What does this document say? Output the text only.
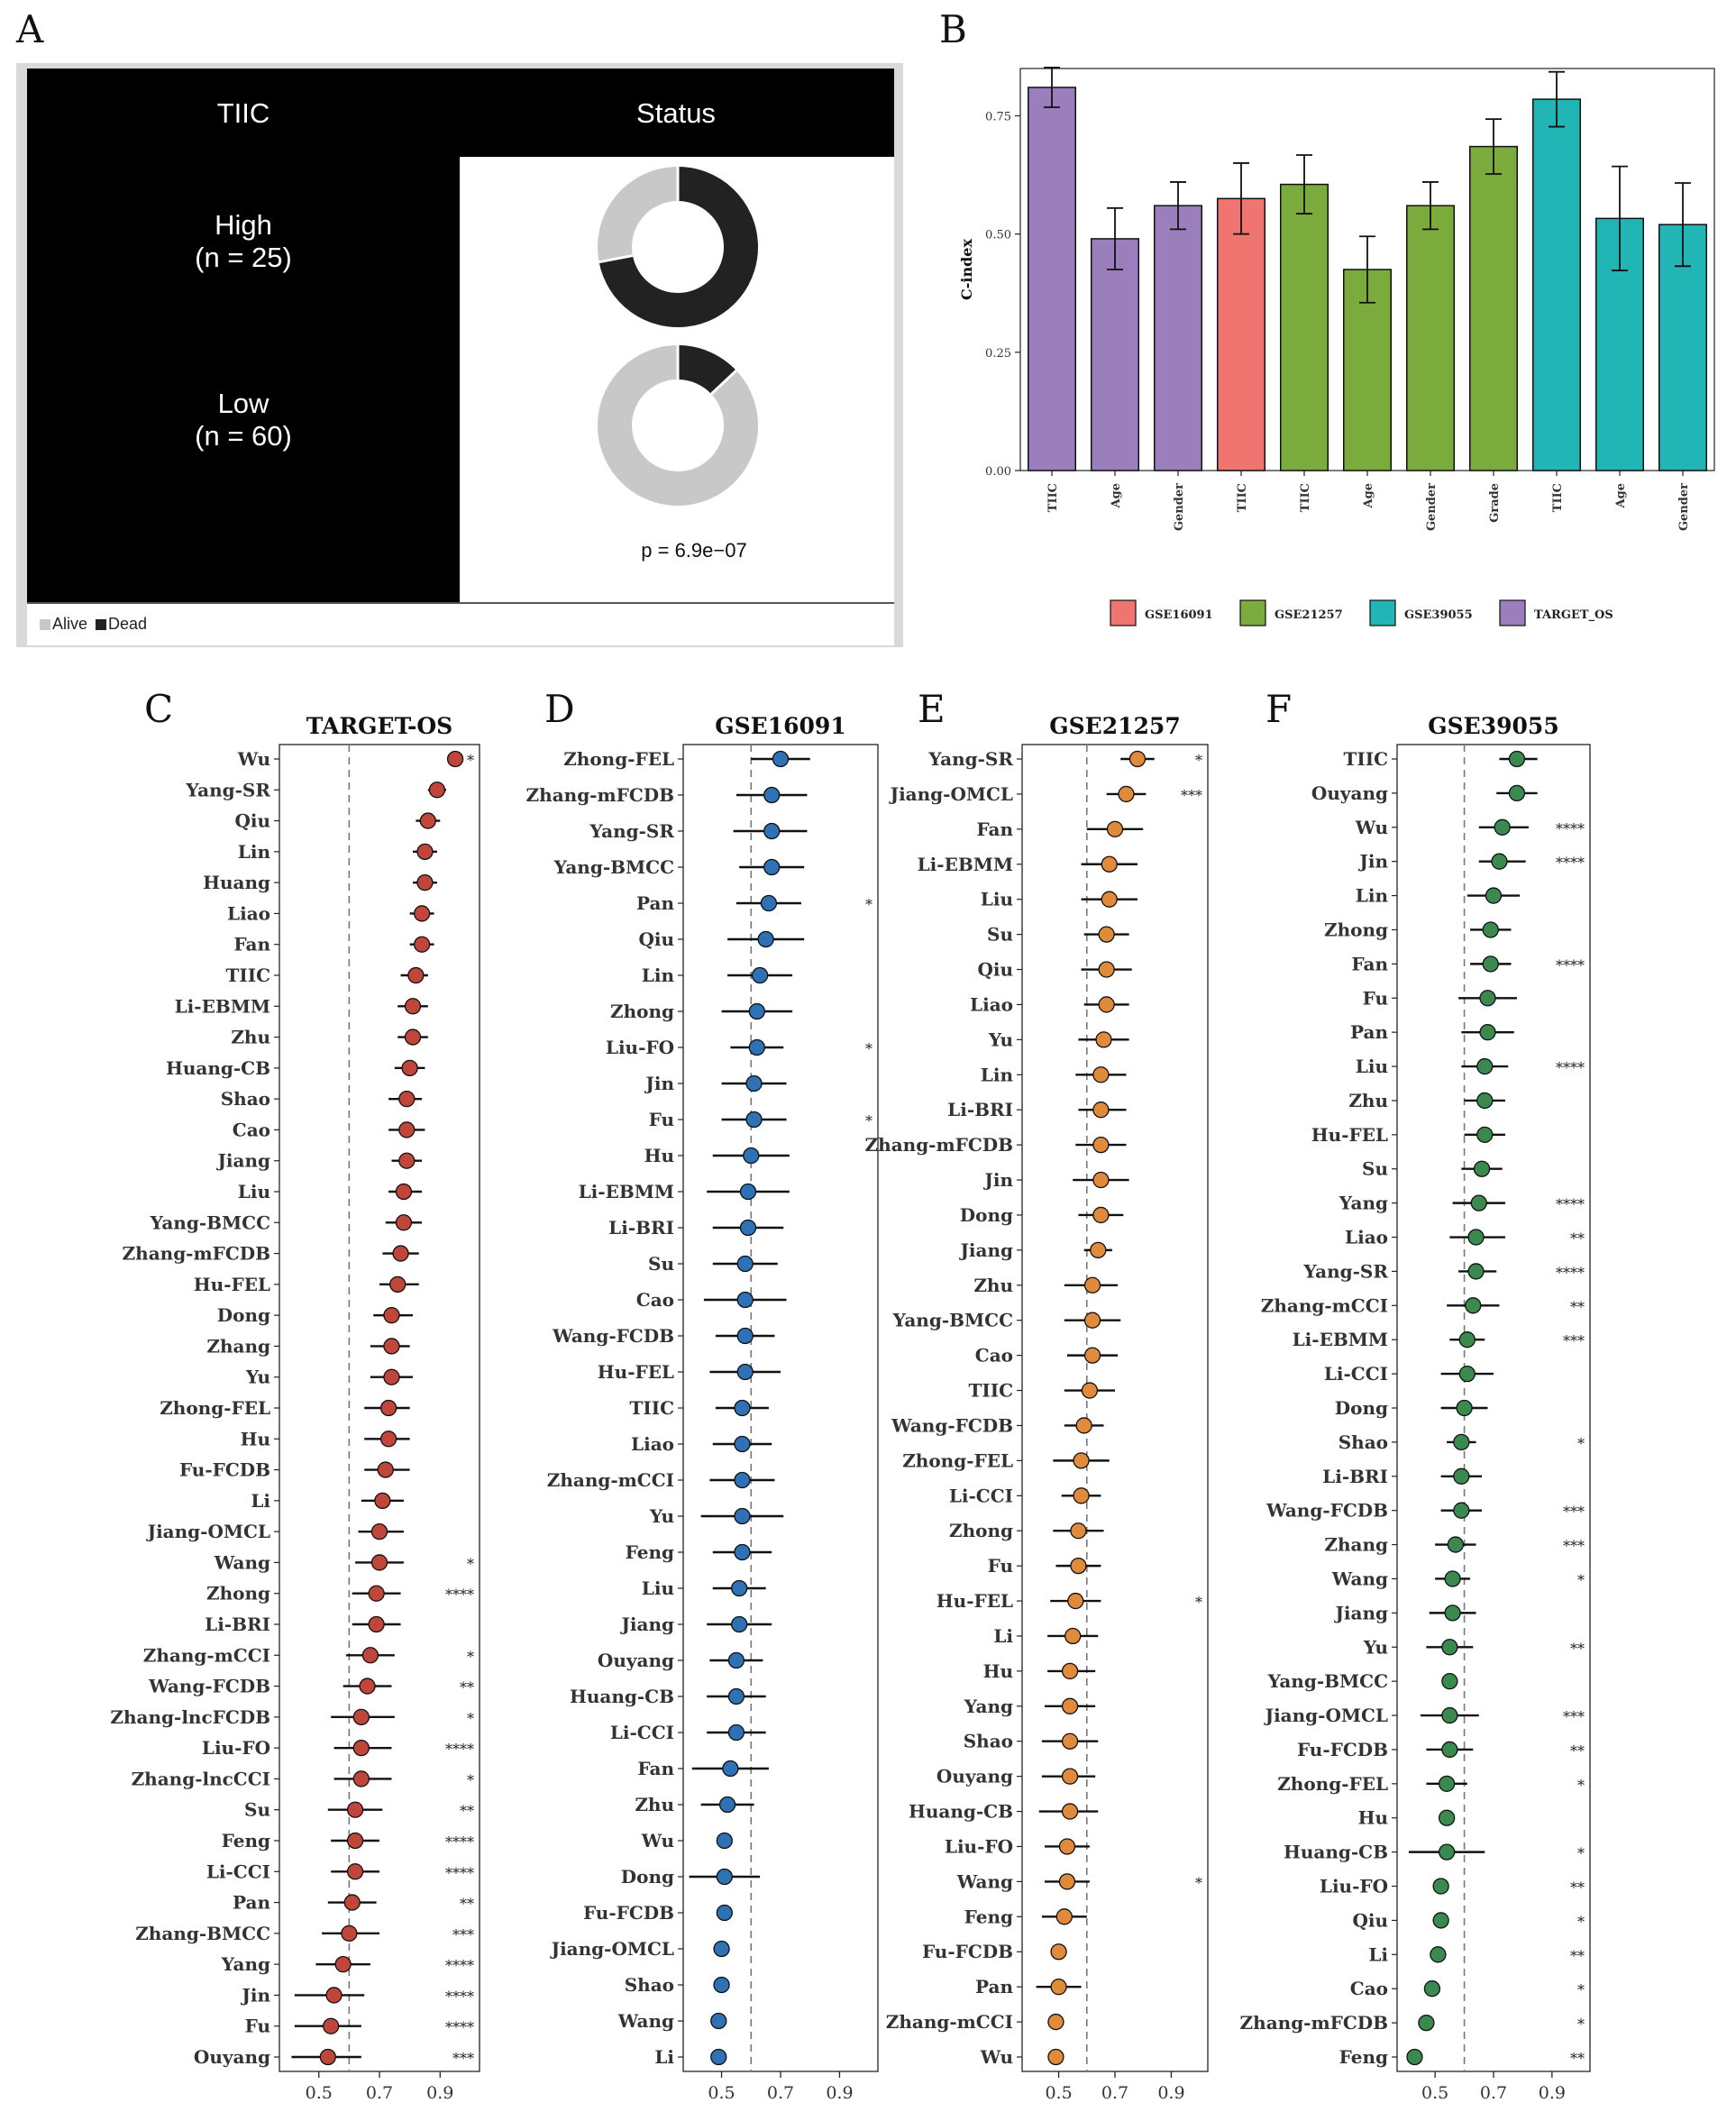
A	B
C	D	E	F
TIIC	Status
High
(n = 25)
Low
(n = 60)
p = 6.9e−07
Alive Dead
0.00
0.25
0.50
0.75
C-index
TIIC	Age	Gender	TIIC	TIIC	Age	Gender	Grade	TIIC	Age	Gender
GSE16091	GSE21257	GSE39055	TARGET_OS
TARGET-OS
0.5 0.7 0.9
Wu	*
Yang-SR
Qiu
Lin
Huang
Liao
Fan
TIIC
Li-EBMM
Zhu
Huang-CB
Shao
Cao
Jiang
Liu
Yang-BMCC
Zhang-mFCDB
Hu-FEL
Dong
Zhang
Yu
Zhong-FEL
Hu
Fu-FCDB
Li
Jiang-OMCL
Wang	*
Zhong	****
Li-BRI
Zhang-mCCI	*
Wang-FCDB	**
Zhang-lncFCDB	*
Liu-FO	****
Zhang-lncCCI	*
Su	**
Feng	****
Li-CCI	****
Pan	**
Zhang-BMCC	***
Yang	****
Jin	****
Fu	****
Ouyang	***
GSE16091
0.5 0.7 0.9
Zhong-FEL
Zhang-mFCDB
Yang-SR
Yang-BMCC
Pan	*
Qiu
Lin
Zhong
Liu-FO	*
Jin
Fu	*
Hu
Li-EBMM
Li-BRI
Su
Cao
Wang-FCDB
Hu-FEL
TIIC
Liao
Zhang-mCCI
Yu
Feng
Liu
Jiang
Ouyang
Huang-CB
Li-CCI
Fan
Zhu
Wu
Dong
Fu-FCDB
Jiang-OMCL
Shao
Wang
Li
GSE21257
0.5 0.7 0.9
Yang-SR	*
Jiang-OMCL	***
Fan
Li-EBMM
Liu
Su
Qiu
Liao
Yu
Lin
Li-BRI
Zhang-mFCDB
Jin
Dong
Jiang
Zhu
Yang-BMCC
Cao
TIIC
Wang-FCDB
Zhong-FEL
Li-CCI
Zhong
Fu
Hu-FEL	*
Li
Hu
Yang
Shao
Ouyang
Huang-CB
Liu-FO
Wang	*
Feng
Fu-FCDB
Pan
Zhang-mCCI
Wu
GSE39055
0.5 0.7 0.9
TIIC
Ouyang
Wu	****
Jin	****
Lin
Zhong
Fan	****
Fu
Pan
Liu	****
Zhu
Hu-FEL
Su
Yang	****
Liao	**
Yang-SR	****
Zhang-mCCI	**
Li-EBMM	***
Li-CCI
Dong
Shao	*
Li-BRI
Wang-FCDB	***
Zhang	***
Wang	*
Jiang
Yu	**
Yang-BMCC
Jiang-OMCL	***
Fu-FCDB	**
Zhong-FEL	*
Hu
Huang-CB	*
Liu-FO	**
Qiu	*
Li	**
Cao	*
Zhang-mFCDB	*
Feng	**
